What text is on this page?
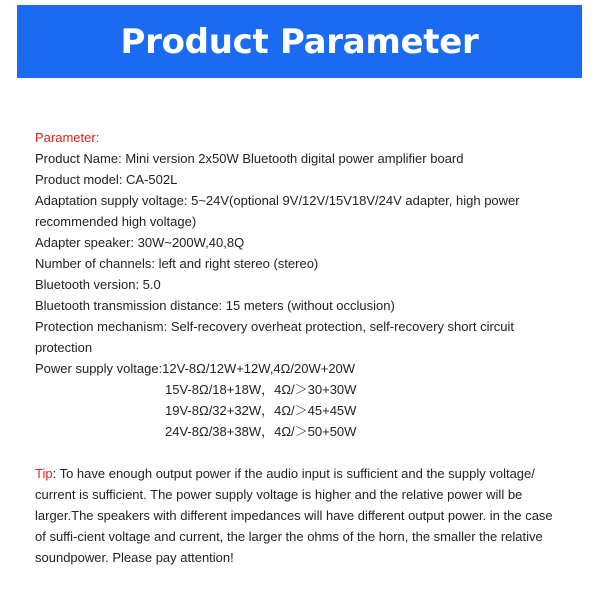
Product Parameter
Parameter:
Product Name: Mini version 2x50W Bluetooth digital power amplifier board
Product model: CA-502L
Adaptation supply voltage: 5~24V(optional 9V/12V/15V18V/24V adapter, high power recommended high voltage)
Adapter speaker: 30W~200W,40,8Q
Number of channels: left and right stereo (stereo)
Bluetooth version: 5.0
Bluetooth transmission distance: 15 meters (without occlusion)
Protection mechanism: Self-recovery overheat protection, self-recovery short circuit protection
Power supply voltage:12V-8Ω/12W+12W,4Ω/20W+20W
15V-8Ω/18+18W，4Ω/＞30+30W
19V-8Ω/32+32W，4Ω/＞45+45W
24V-8Ω/38+38W，4Ω/＞50+50W
Tip: To have enough output power if the audio input is sufficient and the supply voltage/ current is sufficient. The power supply voltage is higher and the relative power will be larger.The speakers with different impedances will have different output power. in the case of suffi-cient voltage and current, the larger the ohms of the horn, the smaller the relative soundpower. Please pay attention!
